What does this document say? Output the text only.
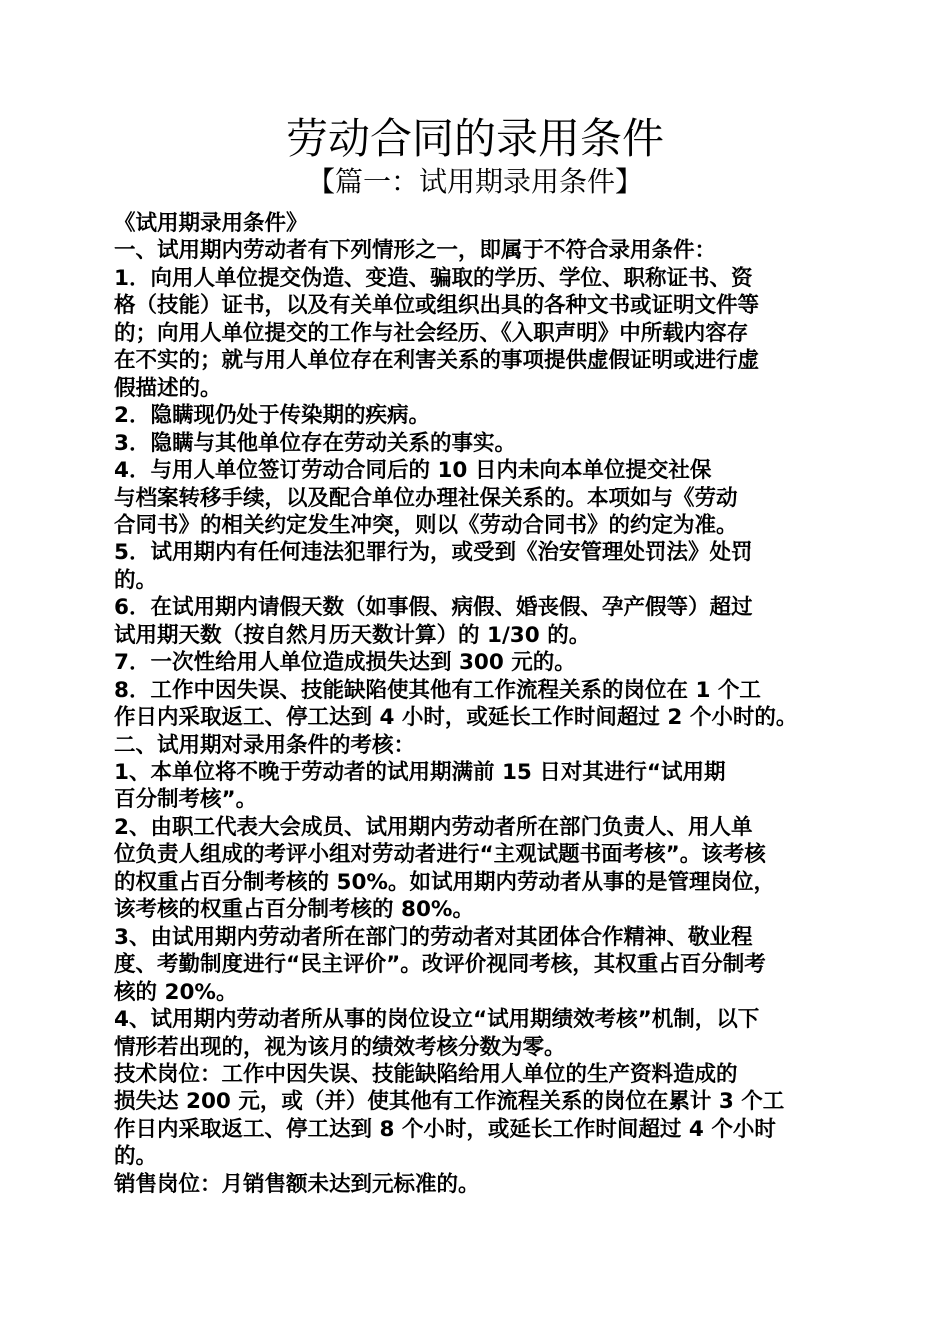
劳动合同的录用条件
【篇一：试用期录用条件】
《试用期录用条件》
一、试用期内劳动者有下列情形之一，即属于不符合录用条件：
1．向用人单位提交伪造、变造、骗取的学历、学位、职称证书、资
格（技能）证书，以及有关单位或组织出具的各种文书或证明文件等
的；向用人单位提交的工作与社会经历、《入职声明》中所载内容存
在不实的；就与用人单位存在利害关系的事项提供虚假证明或进行虚
假描述的。
2．隐瞒现仍处于传染期的疾病。
3．隐瞒与其他单位存在劳动关系的事实。
4．与用人单位签订劳动合同后的 10 日内未向本单位提交社保
与档案转移手续，以及配合单位办理社保关系的。本项如与《劳动
合同书》的相关约定发生冲突，则以《劳动合同书》的约定为准。
5．试用期内有任何违法犯罪行为，或受到《治安管理处罚法》处罚
的。
6．在试用期内请假天数（如事假、病假、婚丧假、孕产假等）超过
试用期天数（按自然月历天数计算）的 1/30 的。
7．一次性给用人单位造成损失达到 300 元的。
8．工作中因失误、技能缺陷使其他有工作流程关系的岗位在 1 个工
作日内采取返工、停工达到 4 小时，或延长工作时间超过 2 个小时的。
二、试用期对录用条件的考核：
1、本单位将不晚于劳动者的试用期满前 15 日对其进行“试用期
百分制考核”。
2、由职工代表大会成员、试用期内劳动者所在部门负责人、用人单
位负责人组成的考评小组对劳动者进行“主观试题书面考核”。该考核
的权重占百分制考核的 50%。如试用期内劳动者从事的是管理岗位，
该考核的权重占百分制考核的 80%。
3、由试用期内劳动者所在部门的劳动者对其团体合作精神、敬业程
度、考勤制度进行“民主评价”。改评价视同考核，其权重占百分制考
核的 20%。
4、试用期内劳动者所从事的岗位设立“试用期绩效考核”机制，以下
情形若出现的，视为该月的绩效考核分数为零。
技术岗位：工作中因失误、技能缺陷给用人单位的生产资料造成的
损失达 200 元，或（并）使其他有工作流程关系的岗位在累计 3 个工
作日内采取返工、停工达到 8 个小时，或延长工作时间超过 4 个小时
的。
销售岗位：月销售额未达到元标准的。
